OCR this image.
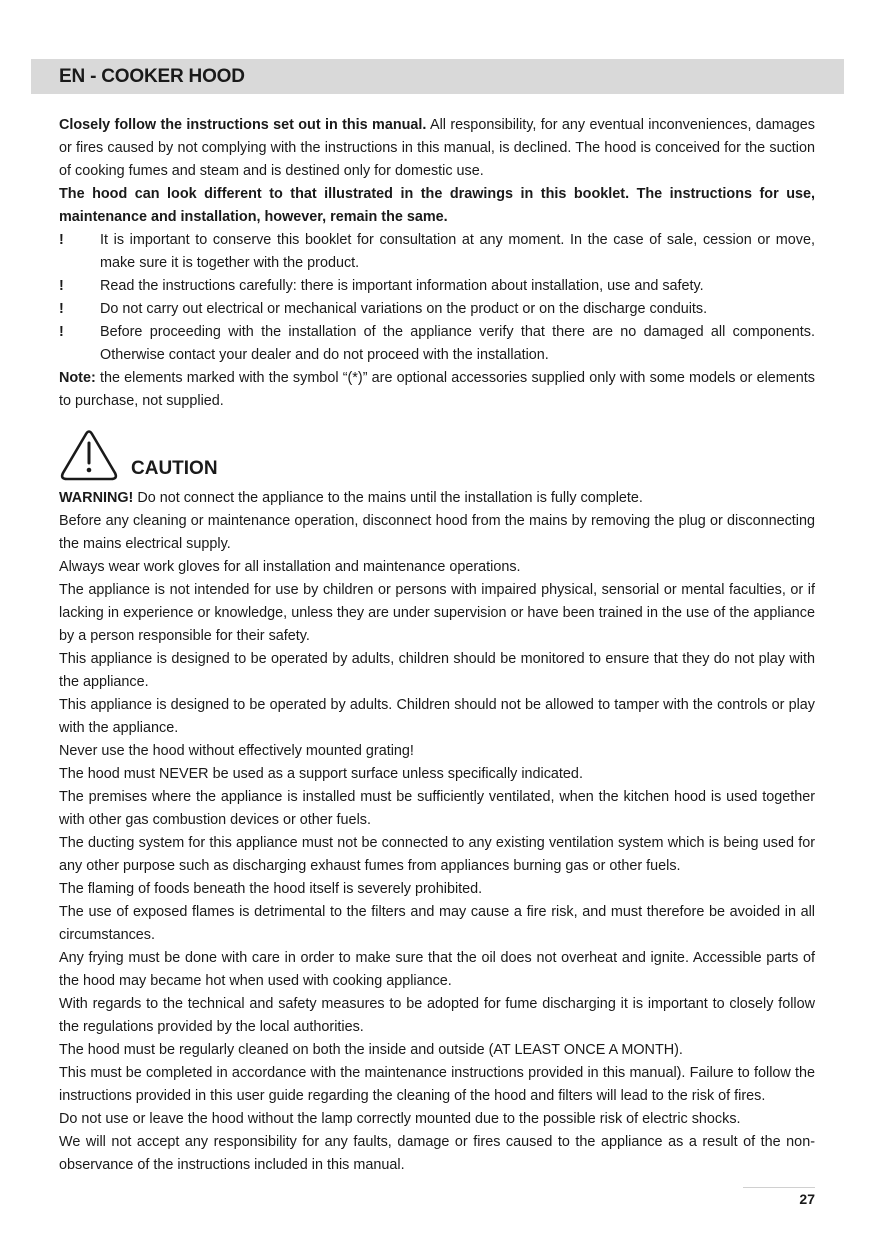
EN - COOKER HOOD

Closely follow the instructions set out in this manual. All responsibility, for any eventual inconveniences, damages or fires caused by not complying with the instructions in this manual, is declined. The hood is conceived for the suction of cooking fumes and steam and is destined only for domestic use.

The hood can look different to that illustrated in the drawings in this booklet. The instructions for use, maintenance and installation, however, remain the same.

!	It is important to conserve this booklet for consultation at any moment. In the case of sale, cession or move, make sure it is together with the product.
!	Read the instructions carefully: there is important information about installation, use and safety.
!	Do not carry out electrical or mechanical variations on the product or on the discharge conduits.
!	Before proceeding with the installation of the appliance verify that there are no damaged all components. Otherwise contact your dealer and do not proceed with the installation.

Note: the elements marked with the symbol “(*)” are optional accessories supplied only with some models or elements to purchase, not supplied.

CAUTION

WARNING! Do not connect the appliance to the mains until the installation is fully complete.

Before any cleaning or maintenance operation, disconnect hood from the mains by removing the plug or disconnecting the mains electrical supply.

Always wear work gloves for all installation and maintenance operations.

The appliance is not intended for use by children or persons with impaired physical, sensorial or mental faculties, or if lacking in experience or knowledge, unless they are under supervision or have been trained in the use of the appliance by a person responsible for their safety.

This appliance is designed to be operated by adults, children should be monitored to ensure that they do not play with the appliance.

This appliance is designed to be operated by adults. Children should not be allowed to tamper with the controls or play with the appliance.

Never use the hood without effectively mounted grating!

The hood must NEVER be used as a support surface unless specifically indicated.

The premises where the appliance is installed must be sufficiently ventilated, when the kitchen hood is used together with other gas combustion devices or other fuels.

The ducting system for this appliance must not be connected to any existing ventilation system which is being used for any other purpose such as discharging exhaust fumes from appliances burning gas or other fuels.

The flaming of foods beneath the hood itself is severely prohibited.

The use of exposed flames is detrimental to the filters and may cause a fire risk, and must therefore be avoided in all circumstances.

Any frying must be done with care in order to make sure that the oil does not overheat and ignite. Accessible parts of the hood may became hot when used with cooking appliance.

With regards to the technical and safety measures to be adopted for fume discharging it is important to closely follow the regulations provided by the local authorities.

The hood must be regularly cleaned on both the inside and outside (AT LEAST ONCE A MONTH).

This must be completed in accordance with the maintenance instructions provided in this manual). Failure to follow the instructions provided in this user guide regarding the cleaning of the hood and filters will lead to the risk of fires.

Do not use or leave the hood without the lamp correctly mounted due to the possible risk of electric shocks.

We will not accept any responsibility for any faults, damage or fires caused to the appliance as a result of the non-observance of the instructions included in this manual.

27
